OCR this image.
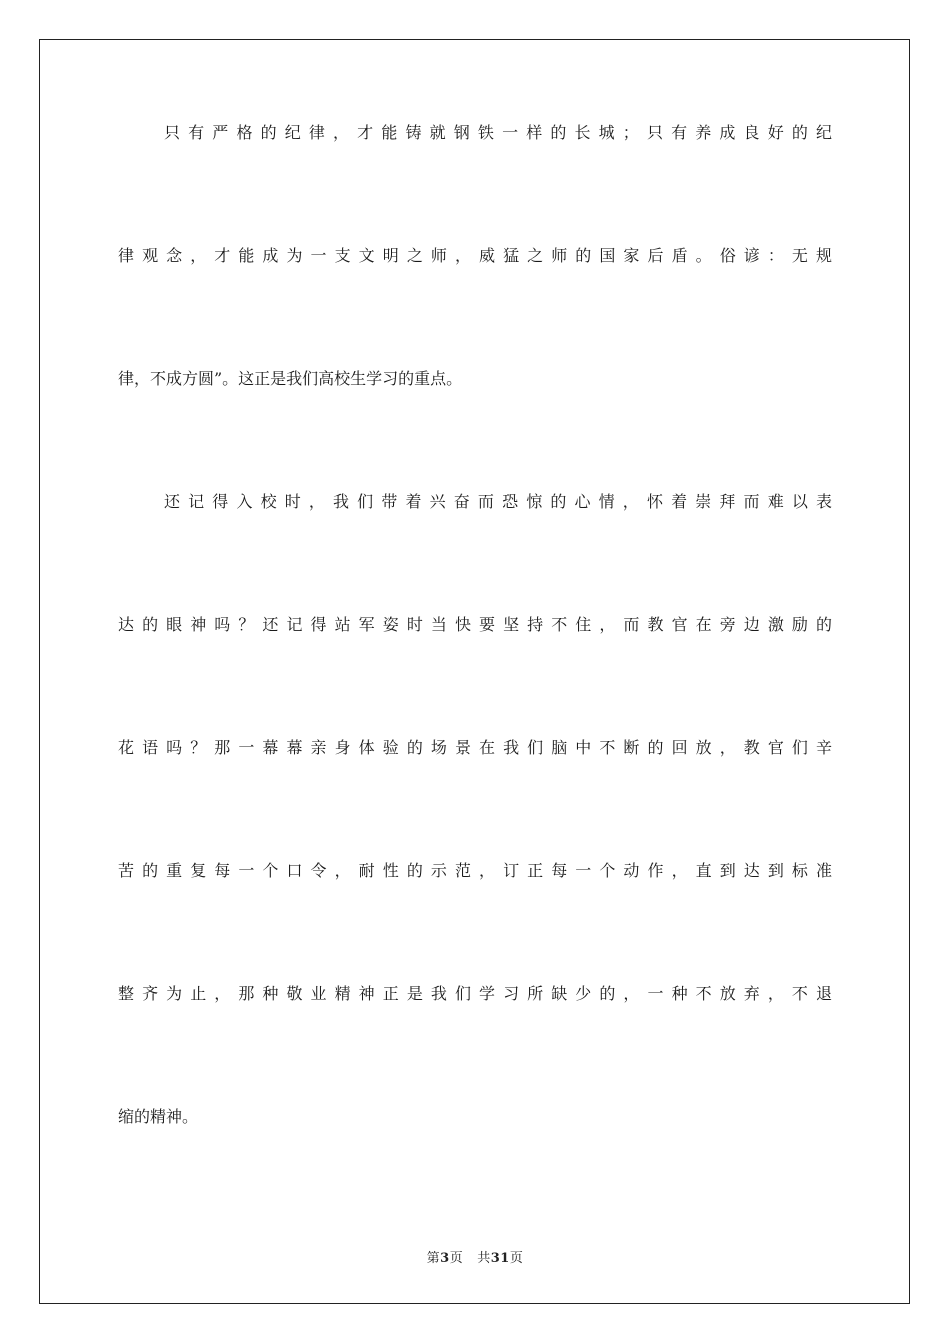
只有严格的纪律，才能铸就钢铁一样的长城；只有养成良好的纪
律观念，才能成为一支文明之师，威猛之师的国家后盾。俗谚：无规
律，不成方圆”。这正是我们高校生学习的重点。
还记得入校时，我们带着兴奋而恐惊的心情，怀着崇拜而难以表
达的眼神吗？还记得站军姿时当快要坚持不住，而教官在旁边激励的
花语吗？那一幕幕亲身体验的场景在我们脑中不断的回放，教官们辛
苦的重复每一个口令，耐性的示范，订正每一个动作，直到达到标准
整齐为止，那种敬业精神正是我们学习所缺少的，一种不放弃，不退
缩的精神。
第3页 共31页
